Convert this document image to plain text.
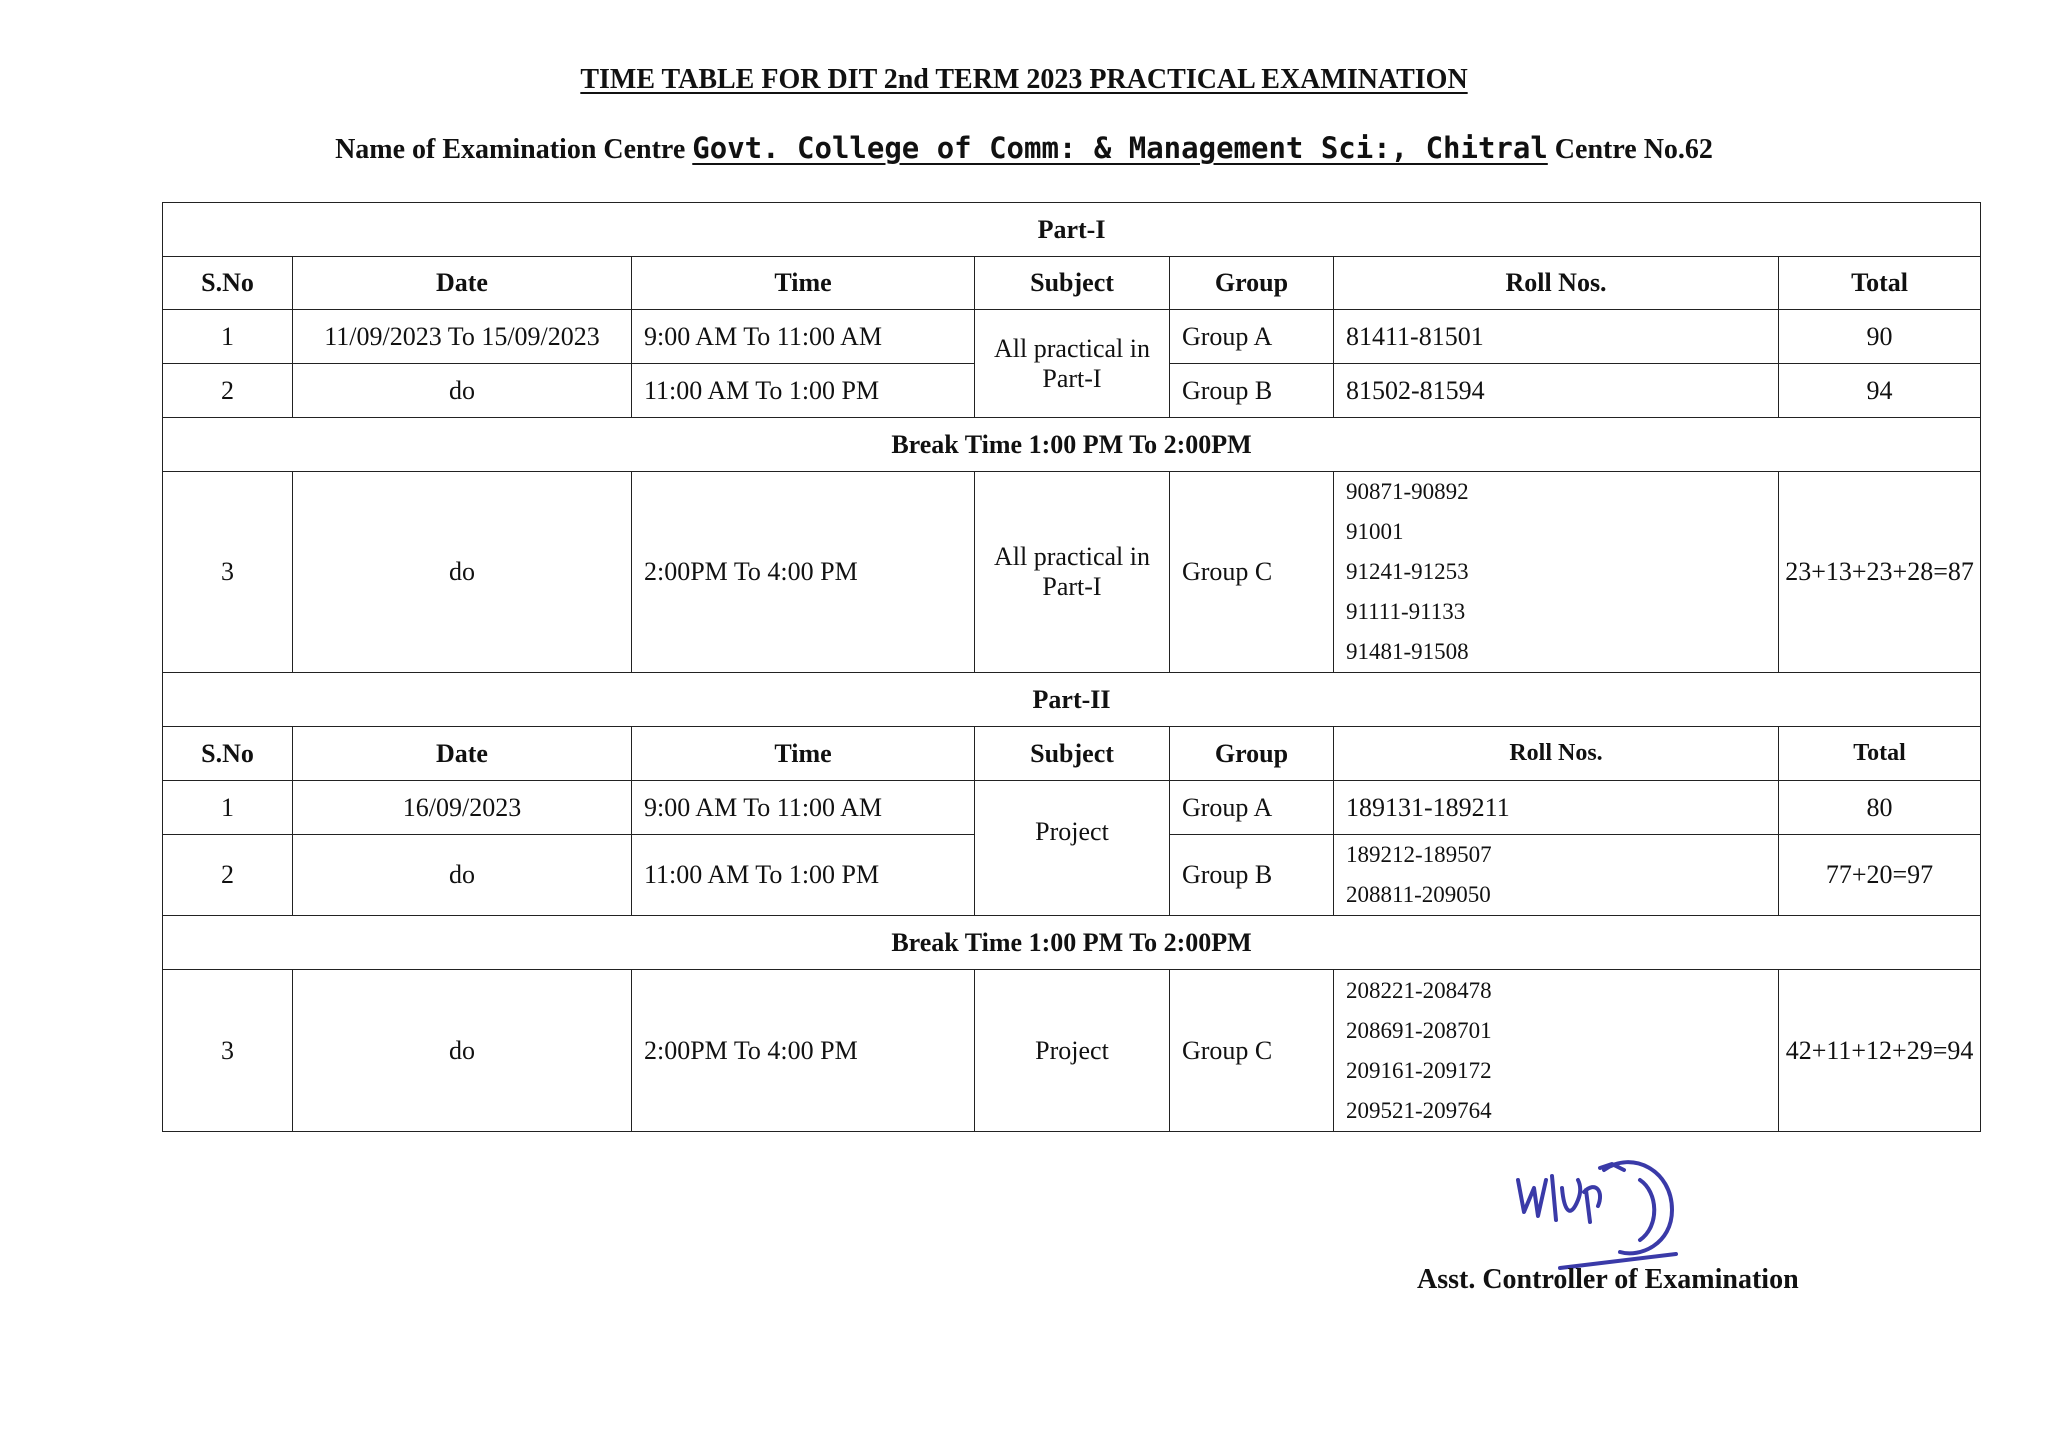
TIME TABLE FOR DIT 2nd TERM 2023 PRACTICAL EXAMINATION
Name of Examination Centre Govt. College of Comm: & Management Sci:, Chitral Centre No.62
Part-I						
S.No	Date	Time	Subject	Group	Roll Nos.	Total
1	11/09/2023 To 15/09/2023	9:00 AM To 11:00 AM	All practical in Part-I	Group A	81411-81501	90
2	do	11:00 AM To 1:00 PM		Group B	81502-81594	94
Break Time 1:00 PM To 2:00PM						
3	do	2:00PM To 4:00 PM	All practical in Part-I	Group C	90871-90892
91001
91241-91253
91111-91133
91481-91508	23+13+23+28=87
Part-II						
S.No	Date	Time	Subject	Group	Roll Nos.	Total
1	16/09/2023	9:00 AM To 11:00 AM	Project	Group A	189131-189211	80
2	do	11:00 AM To 1:00 PM		Group B	189212-189507
208811-209050	77+20=97
Break Time 1:00 PM To 2:00PM						
3	do	2:00PM To 4:00 PM	Project	Group C	208221-208478
208691-208701
209161-209172
209521-209764	42+11+12+29=94
Asst. Controller of Examination
